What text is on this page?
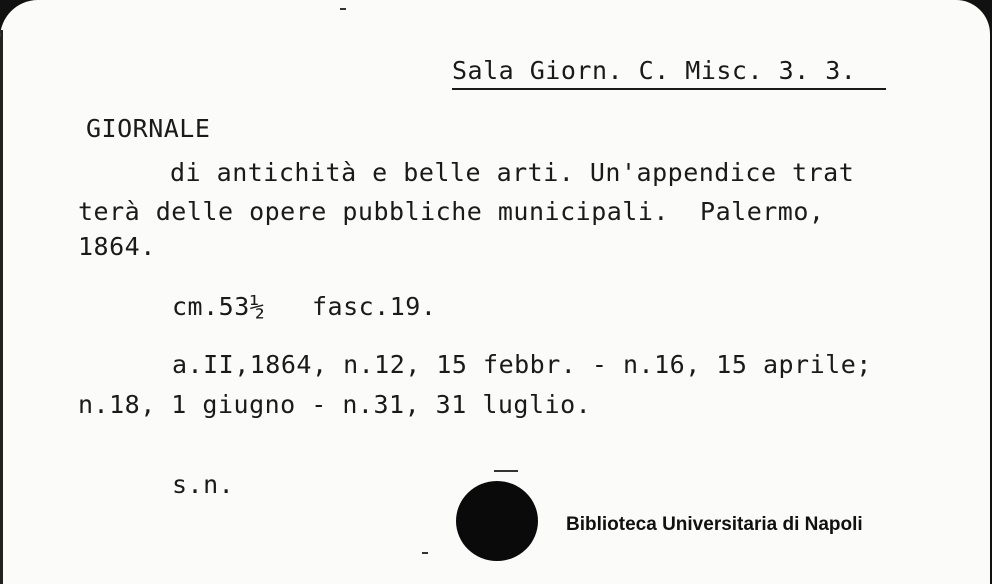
Sala Giorn. C. Misc. 3. 3.
GIORNALE
di antichità e belle arti. Un'appendice trat
terà delle opere pubbliche municipali.  Palermo,
1864.
cm.53½   fasc.19.
a.II,1864, n.12, 15 febbr. - n.16, 15 aprile;
n.18, 1 giugno - n.31, 31 luglio.
s.n.
Biblioteca Universitaria di Napoli
